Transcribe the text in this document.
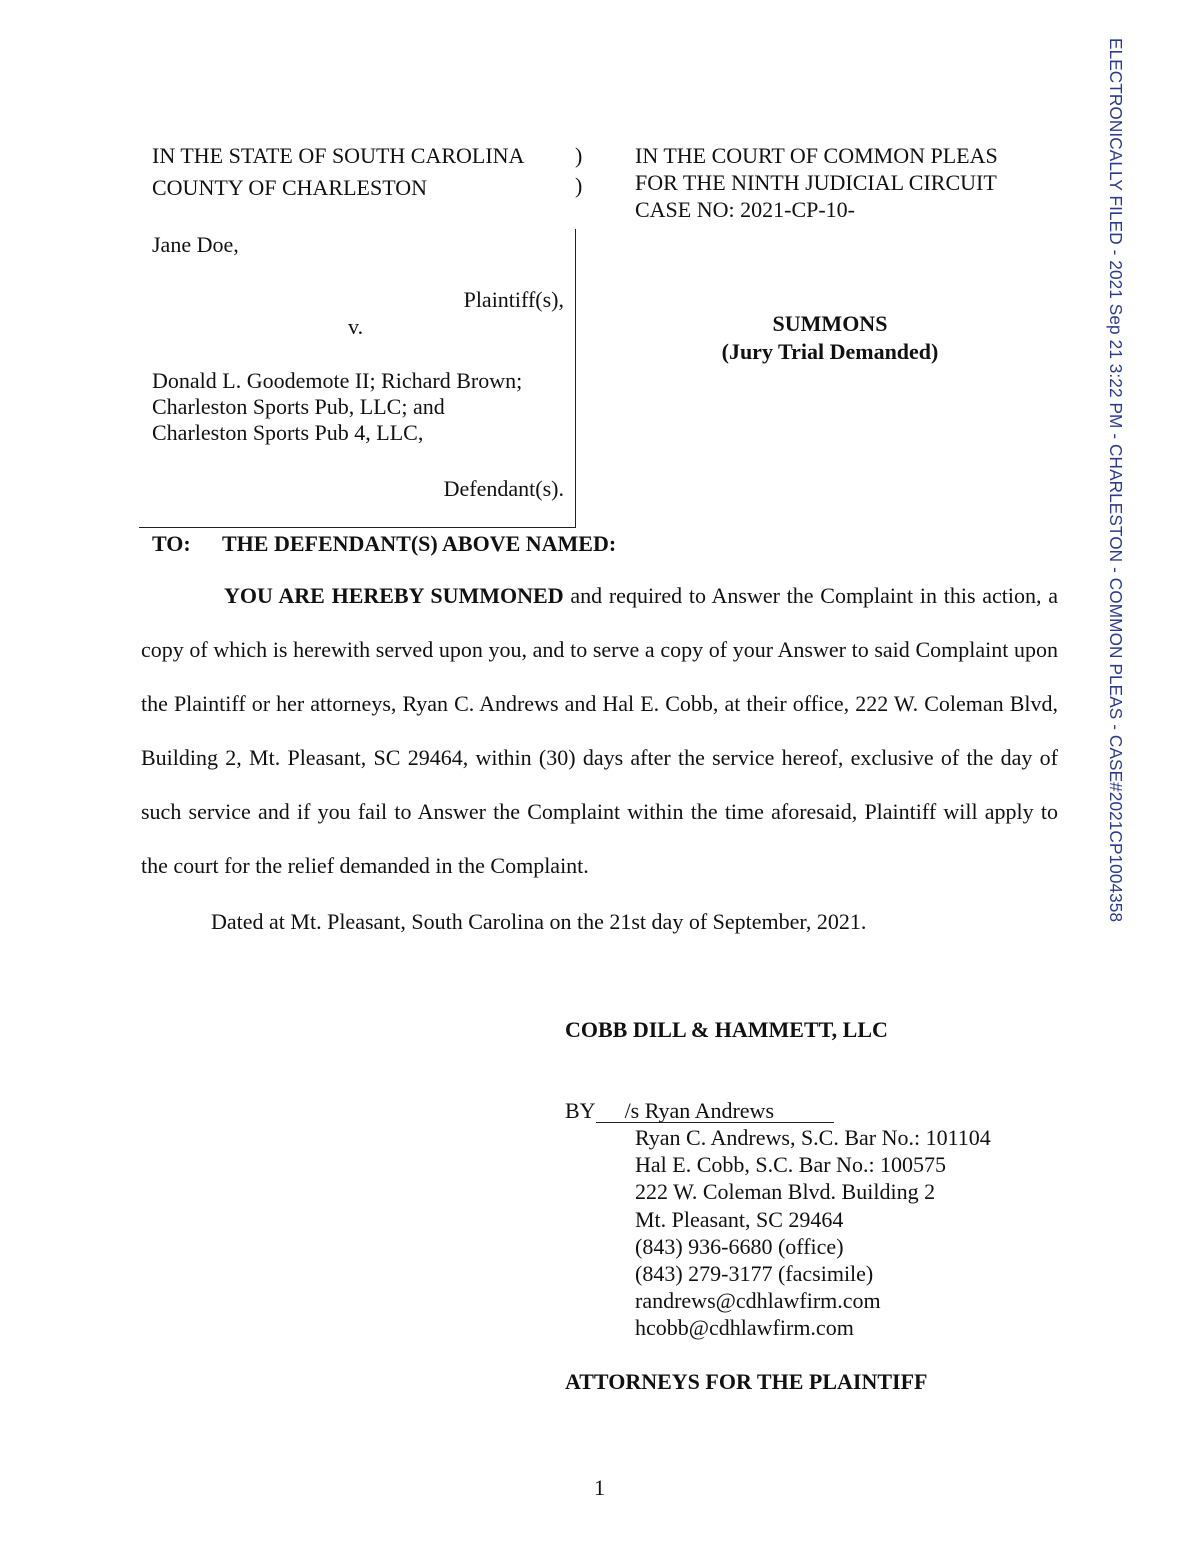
IN THE STATE OF SOUTH CAROLINA )
COUNTY OF CHARLESTON	)
IN THE COURT OF COMMON PLEAS
FOR THE NINTH JUDICIAL CIRCUIT
CASE NO: 2021-CP-10-
Jane Doe,
Plaintiff(s),
v.
Donald L. Goodemote II; Richard Brown;
Charleston Sports Pub, LLC; and
Charleston Sports Pub 4, LLC,
Defendant(s).
SUMMONS
(Jury Trial Demanded)
TO: THE DEFENDANT(S) ABOVE NAMED:
YOU ARE HEREBY SUMMONED and required to Answer the Complaint in this action, a copy of which is herewith served upon you, and to serve a copy of your Answer to said Complaint upon the Plaintiff or her attorneys, Ryan C. Andrews and Hal E. Cobb, at their office, 222 W. Coleman Blvd, Building 2, Mt. Pleasant, SC 29464, within (30) days after the service hereof, exclusive of the day of such service and if you fail to Answer the Complaint within the time aforesaid, Plaintiff will apply to the court for the relief demanded in the Complaint.
Dated at Mt. Pleasant, South Carolina on the 21st day of September, 2021.
COBB DILL & HAMMETT, LLC
BY /s Ryan Andrews
Ryan C. Andrews, S.C. Bar No.: 101104
Hal E. Cobb, S.C. Bar No.: 100575
222 W. Coleman Blvd. Building 2
Mt. Pleasant, SC 29464
(843) 936-6680 (office)
(843) 279-3177 (facsimile)
randrews@cdhlawfirm.com
hcobb@cdhlawfirm.com
ATTORNEYS FOR THE PLAINTIFF
1
ELECTRONICALLY FILED - 2021 Sep 21 3:22 PM - CHARLESTON - COMMON PLEAS - CASE#2021CP1004358
